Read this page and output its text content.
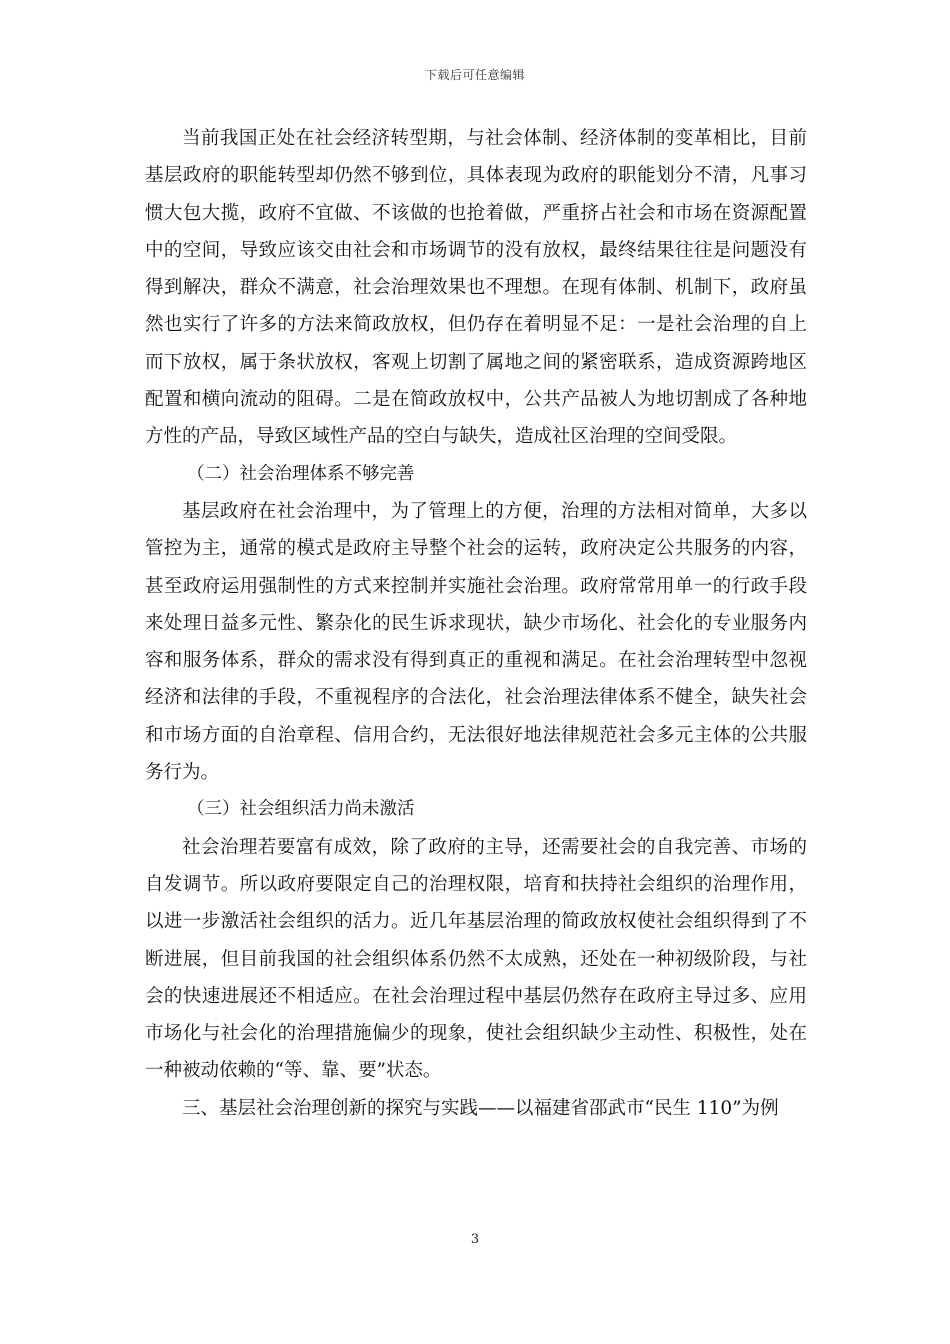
下载后可任意编辑

当前我国正处在社会经济转型期，与社会体制、经济体制的变革相比，目前基层政府的职能转型却仍然不够到位，具体表现为政府的职能划分不清，凡事习惯大包大揽，政府不宜做、不该做的也抢着做，严重挤占社会和市场在资源配置中的空间，导致应该交由社会和市场调节的没有放权，最终结果往往是问题没有得到解决，群众不满意，社会治理效果也不理想。在现有体制、机制下，政府虽然也实行了许多的方法来简政放权，但仍存在着明显不足：一是社会治理的自上而下放权，属于条状放权，客观上切割了属地之间的紧密联系，造成资源跨地区配置和横向流动的阻碍。二是在简政放权中，公共产品被人为地切割成了各种地方性的产品，导致区域性产品的空白与缺失，造成社区治理的空间受限。

（二）社会治理体系不够完善

基层政府在社会治理中，为了管理上的方便，治理的方法相对简单，大多以管控为主，通常的模式是政府主导整个社会的运转，政府决定公共服务的内容，甚至政府运用强制性的方式来控制并实施社会治理。政府常常用单一的行政手段来处理日益多元性、繁杂化的民生诉求现状，缺少市场化、社会化的专业服务内容和服务体系，群众的需求没有得到真正的重视和满足。在社会治理转型中忽视经济和法律的手段，不重视程序的合法化，社会治理法律体系不健全，缺失社会和市场方面的自治章程、信用合约，无法很好地法律规范社会多元主体的公共服务行为。

（三）社会组织活力尚未激活

社会治理若要富有成效，除了政府的主导，还需要社会的自我完善、市场的自发调节。所以政府要限定自己的治理权限，培育和扶持社会组织的治理作用，以进一步激活社会组织的活力。近几年基层治理的简政放权使社会组织得到了不断进展，但目前我国的社会组织体系仍然不太成熟，还处在一种初级阶段，与社会的快速进展还不相适应。在社会治理过程中基层仍然存在政府主导过多、应用市场化与社会化的治理措施偏少的现象，使社会组织缺少主动性、积极性，处在一种被动依赖的“等、靠、要”状态。

三、基层社会治理创新的探究与实践——以福建省邵武市“民生 110”为例

3
